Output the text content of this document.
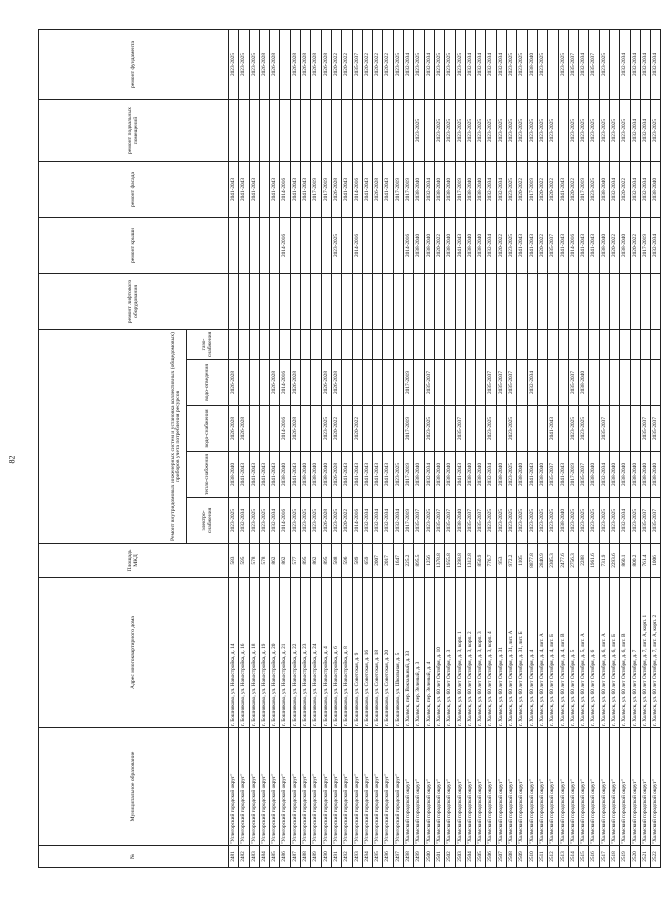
82
№	Муниципальное образование	Адрес многоквартирного дома	Площадь МКД	Ремонт внутридомовых инженерных систем и установка коллективных (общедомовых) приборов учета потребления ресурсов					ремонт лифтового оборудования	ремонт крыши	ремонт фасада	ремонт подвальных помещений	ремонт фундамента
				электро-снабжения	тепло-снабжения	водо-снабжения	водо-отведения	газо-снабжения					
2481	"Углегорский городской округ"	г. Бошняково, ул. Новостройка, д. 14	583	2023-2025	2038-2040	2026-2028	2026-2028				2041-2043		2023-2025
2482	"Углегорский городской округ"	г. Бошняково, ул. Новостройка, д. 16	595	2032-2034	2041-2043	2026-2028					2041-2043		2023-2025
2483	"Углегорский городской округ"	г. Бошняково, ул. Новостройка, д. 18	578	2023-2025	2041-2043						2041-2043		2023-2025
2484	"Углегорский городской округ"	г. Бошняково, ул. Новостройка, д. 19	578	2023-2025	2041-2043								2026-2028
2485	"Углегорский городской округ"	г. Бошняково, ул. Новостройка, д. 20	862	2032-2034	2041-2043		2026-2028				2041-2043		2026-2028
2486	"Углегорский городской округ"	г. Бошняково, ул. Новостройка, д. 21	862	2014-2016	2038-2040	2014-2016	2014-2016			2014-2016	2014-2016		
2487	"Углегорский городской округ"	г. Бошняково, ул. Новостройка, д. 22	577	2023-2025	2041-2043	2026-2028	2026-2028				2041-2043		2026-2028
2488	"Углегорский городской округ"	г. Бошняково, ул. Новостройка, д. 23	895	2023-2025	2038-2040						2041-2043		2026-2028
2489	"Углегорский городской округ"	г. Бошняково, ул. Новостройка, д. 24	862	2023-2025	2038-2040						2017-2019		2026-2028
2490	"Углегорский городской округ"	г. Бошняково, ул. Новостройка, д. 4	895	2026-2028	2038-2040	2023-2025	2026-2028				2017-2019		2026-2028
2491	"Углегорский городской округ"	г. Бошняково, ул. Новостройка, д. 6	588	2023-2025	2026-2028	2020-2022	2026-2028			2023-2025	2026-2028		2020-2022
2492	"Углегорский городской округ"	г. Бошняково, ул. Новостройка, д. 8	596	2020-2022	2041-2043						2041-2043		2020-2022
2493	"Углегорский городской округ"	г. Бошняково, ул. Советская, д. 9	589	2014-2016	2041-2043	2020-2022				2014-2016	2014-2016		2035-2037
2494	"Углегорский городской округ"	г. Бошняково, ул. Советская, д. 16	659	2032-2034	2041-2043						2041-2043		2020-2022
2495	"Углегорский городской округ"	г. Бошняково, ул. Советская, д. 18	2007	2032-2034	2041-2043						2026-2028		2020-2022
2496	"Углегорский городской округ"	г. Бошняково, ул. Советская, д. 20	2017	2032-2034	2041-2043						2041-2043		2020-2022
2497	"Углегорский городской округ"	г. Бошняково, ул. Школьная, д. 5	1647	2032-2034	2023-2025						2017-2019		2023-2025
2498	"Холмский городской округ"	г. Холмск, пер. Вокзальный, д. 33	225.2	2017-2019	2017-2019	2017-2019	2017-2019			2014-2016	2017-2019		2032-2034
2499	"Холмский городской округ"	г. Холмск, пер. Зеленый, д. 3	895.5	2035-2037	2038-2040					2038-2040	2038-2040	2023-2025	2023-2025
2500	"Холмский городской округ"	г. Холмск, пер. Зеленый, д. 4	1256	2023-2025	2032-2034	2023-2025	2035-2037			2038-2040	2032-2034		2032-2034
2501	"Холмский городской округ"	г. Холмск, ул. 60 лет Октября, д. 10	1378.8	2035-2037	2038-2040					2020-2022	2038-2040	2023-2025	2023-2025
2502	"Холмский городской округ"	г. Холмск, ул. 60 лет Октября, д. 3	1955.8	2035-2037	2038-2040					2038-2040	2038-2040	2023-2025	2023-2025
2503	"Холмский городской округ"	г. Холмск, ул. 60 лет Октября, д. 3, корп. 1	1298.8	2038-2040	2041-2043	2035-2037				2041-2043	2017-2019	2023-2025	2023-2025
2504	"Холмский городской округ"	г. Холмск, ул. 60 лет Октября, д. 3, корп. 2	1312.8	2035-2037	2038-2040					2038-2040	2038-2040	2023-2025	2032-2034
2505	"Холмский городской округ"	г. Холмск, ул. 60 лет Октября, д. 3, корп. 3	850.9	2035-2037	2038-2040					2038-2040	2038-2040	2023-2025	2032-2034
2506	"Холмский городской округ"	г. Холмск, ул. 60 лет Октября, д. 3, корп. 4	776.7	2023-2025	2032-2034	2023-2025	2035-2037			2032-2034	2032-2034	2023-2025	2032-2034
2507	"Холмский городской округ"	г. Холмск, ул. 60 лет Октября, д. 31	953	2023-2025	2038-2040		2035-2037			2020-2022	2032-2034	2023-2025	2032-2034
2508	"Холмский городской округ"	г. Холмск, ул. 60 лет Октября, д. 31, лит. А	972.2	2023-2025	2023-2025	2023-2025	2035-2037			2023-2025	2023-2025	2023-2025	2023-2025
2509	"Холмский городской округ"	г. Холмск, ул. 60 лет Октября, д. 31, лит. Б	1105	2023-2025	2038-2040					2041-2043	2020-2022	2023-2025	2023-2025
2510	"Холмский городской округ"	г. Холмск, ул. 60 лет Октября, д. 4	8877.8	2023-2025	2041-2043		2032-2034			2041-2043	2017-2019	2023-2025	2038-2040
2511	"Холмский городской округ"	г. Холмск, ул. 60 лет Октября, д. 4, лит. А	2840.9	2023-2025	2038-2040					2020-2022	2020-2022	2023-2025	2023-2025
2512	"Холмский городской округ"	г. Холмск, ул. 60 лет Октября, д. 4, лит. Б	2305.3	2023-2025	2035-2037	2041-2043				2035-2037	2020-2022	2023-2025	
2513	"Холмский городской округ"	г. Холмск, ул. 60 лет Октября, д. 4, лит. В	2477.6	2038-2040	2041-2043					2041-2043	2041-2043		2023-2025
2514	"Холмский городской округ"	г. Холмск, ул. 60 лет Октября, д. 5	2756.3	2023-2025	2017-2019	2023-2025	2035-2037			2014-2016	2020-2022	2023-2025	2035-2037
2515	"Холмский городской округ"	г. Холмск, ул. 60 лет Октября, д. 5, лит. А	2288	2023-2025	2035-2037	2023-2025	2038-2040			2041-2043	2017-2019	2023-2025	2032-2034
2516	"Холмский городской округ"	г. Холмск, ул. 60 лет Октября, д. 6	1961.6	2023-2025	2038-2040					2041-2043	2023-2025	2023-2025	2035-2037
2517	"Холмский городской округ"	г. Холмск, ул. 60 лет Октября, д. 6, лит. А	731.9	2023-2025	2032-2034	2035-2037				2038-2040	2038-2040	2023-2025	2023-2025
2518	"Холмский городской округ"	г. Холмск, ул. 60 лет Октября, д. 6, лит. Б	2293.6	2023-2025	2038-2040					2020-2022	2032-2034	2023-2025	
2519	"Холмский городской округ"	г. Холмск, ул. 60 лет Октября, д. 6, лит. В	860.1	2032-2034	2038-2040					2038-2040	2020-2022	2023-2025	2032-2034
2520	"Холмский городской округ"	г. Холмск, ул. 60 лет Октября, д. 7	800.2	2023-2025	2038-2040					2020-2022	2032-2034	2032-2034	2032-2034
2521	"Холмский городской округ"	г. Холмск, ул. 60 лет Октября, д. 7, лит. А, корп. 1	761.4	2035-2037	2038-2040	2035-2037				2017-2019	2032-2034	2032-2034	2032-2034
2522	"Холмский городской округ"	г. Холмск, ул. 60 лет Октября, д. 7, лит. А, корп. 2	1006	2035-2037	2038-2040	2035-2037				2032-2034	2038-2040	2023-2025	2032-2034
